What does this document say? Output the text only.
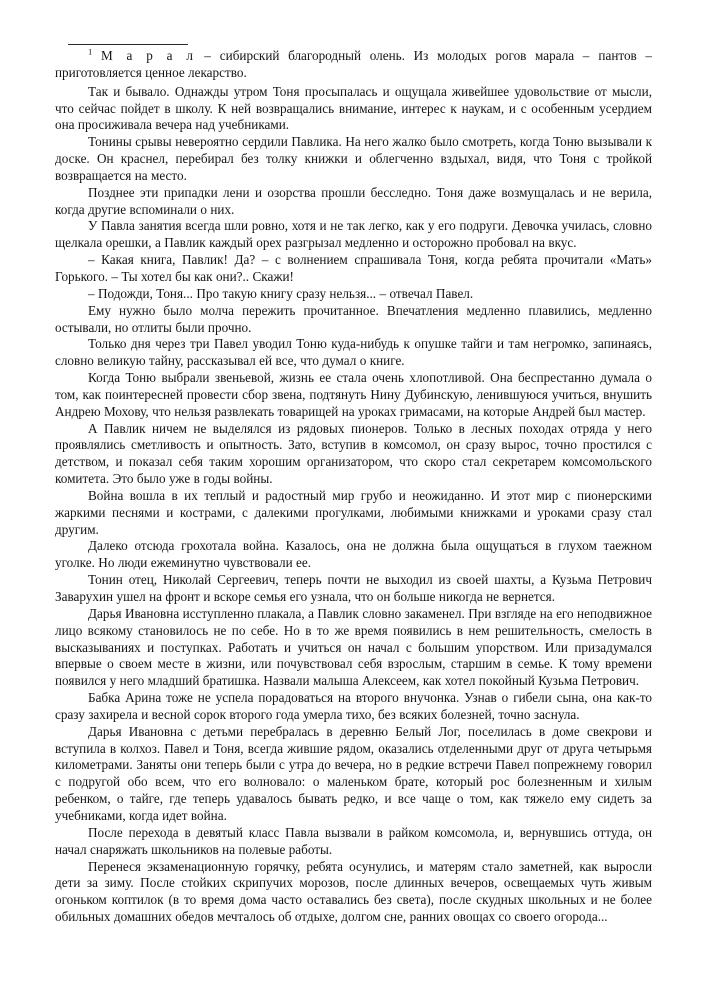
$^1$ М а р а л – сибирский благородный олень. Из молодых рогов марала – пантов – приготовляется ценное лекарство.

Так и бывало. Однажды утром Тоня просыпалась и ощущала живейшее удовольствие от мысли, что сейчас пойдет в школу. К ней возвращались внимание, интерес к наукам, и с особенным усердием она просиживала вечера над учебниками.

Тонины срывы невероятно сердили Павлика. На него жалко было смотреть, когда Тоню вызывали к доске. Он краснел, перебирал без толку книжки и облегченно вздыхал, видя, что Тоня с тройкой возвращается на место.

Позднее эти припадки лени и озорства прошли бесследно. Тоня даже возмущалась и не верила, когда другие вспоминали о них.

У Павла занятия всегда шли ровно, хотя и не так легко, как у его подруги. Девочка училась, словно щелкала орешки, а Павлик каждый орех разгрызал медленно и осторожно пробовал на вкус.

– Какая книга, Павлик! Да? – с волнением спрашивала Тоня, когда ребята прочитали «Мать» Горького. – Ты хотел бы как они?.. Скажи!

– Подожди, Тоня... Про такую книгу сразу нельзя... – отвечал Павел.

Ему нужно было молча пережить прочитанное. Впечатления медленно плавились, медленно остывали, но отлиты были прочно.

Только дня через три Павел уводил Тоню куда-нибудь к опушке тайги и там негромко, запинаясь, словно великую тайну, рассказывал ей все, что думал о книге.

Когда Тоню выбрали звеньевой, жизнь ее стала очень хлопотливой. Она беспрестанно думала о том, как поинтересней провести сбор звена, подтянуть Нину Дубинскую, ленившуюся учиться, внушить Андрею Мохову, что нельзя развлекать товарищей на уроках гримасами, на которые Андрей был мастер.

А Павлик ничем не выделялся из рядовых пионеров. Только в лесных походах отряда у него проявлялись сметливость и опытность. Зато, вступив в комсомол, он сразу вырос, точно простился с детством, и показал себя таким хорошим организатором, что скоро стал секретарем комсомольского комитета. Это было уже в годы войны.

Война вошла в их теплый и радостный мир грубо и неожиданно. И этот мир с пионерскими жаркими песнями и кострами, с далекими прогулками, любимыми книжками и уроками сразу стал другим.

Далеко отсюда грохотала война. Казалось, она не должна была ощущаться в глухом таежном уголке. Но люди ежеминутно чувствовали ее.

Тонин отец, Николай Сергеевич, теперь почти не выходил из своей шахты, а Кузьма Петрович Заварухин ушел на фронт и вскоре семья его узнала, что он больше никогда не вернется.

Дарья Ивановна исступленно плакала, а Павлик словно закаменел. При взгляде на его неподвижное лицо всякому становилось не по себе. Но в то же время появились в нем решительность, смелость в высказываниях и поступках. Работать и учиться он начал с большим упорством. Или призадумался впервые о своем месте в жизни, или почувствовал себя взрослым, старшим в семье. К тому времени появился у него младший братишка. Назвали малыша Алексеем, как хотел покойный Кузьма Петрович.

Бабка Арина тоже не успела порадоваться на второго внучонка. Узнав о гибели сына, она как-то сразу захирела и весной сорок второго года умерла тихо, без всяких болезней, точно заснула.

Дарья Ивановна с детьми перебралась в деревню Белый Лог, поселилась в доме свекрови и вступила в колхоз. Павел и Тоня, всегда жившие рядом, оказались отделенными друг от друга четырьмя километрами. Заняты они теперь были с утра до вечера, но в редкие встречи Павел попрежнему говорил с подругой обо всем, что его волновало: о маленьком брате, который рос болезненным и хилым ребенком, о тайге, где теперь удавалось бывать редко, и все чаще о том, как тяжело ему сидеть за учебниками, когда идет война.

После перехода в девятый класс Павла вызвали в райком комсомола, и, вернувшись оттуда, он начал снаряжать школьников на полевые работы.

Перенеся экзаменационную горячку, ребята осунулись, и матерям стало заметней, как выросли дети за зиму. После стойких скрипучих морозов, после длинных вечеров, освещаемых чуть живым огоньком коптилок (в то время дома часто оставались без света), после скудных школьных и не более обильных домашних обедов мечталось об отдыхе, долгом сне, ранних овощах со своего огорода...
